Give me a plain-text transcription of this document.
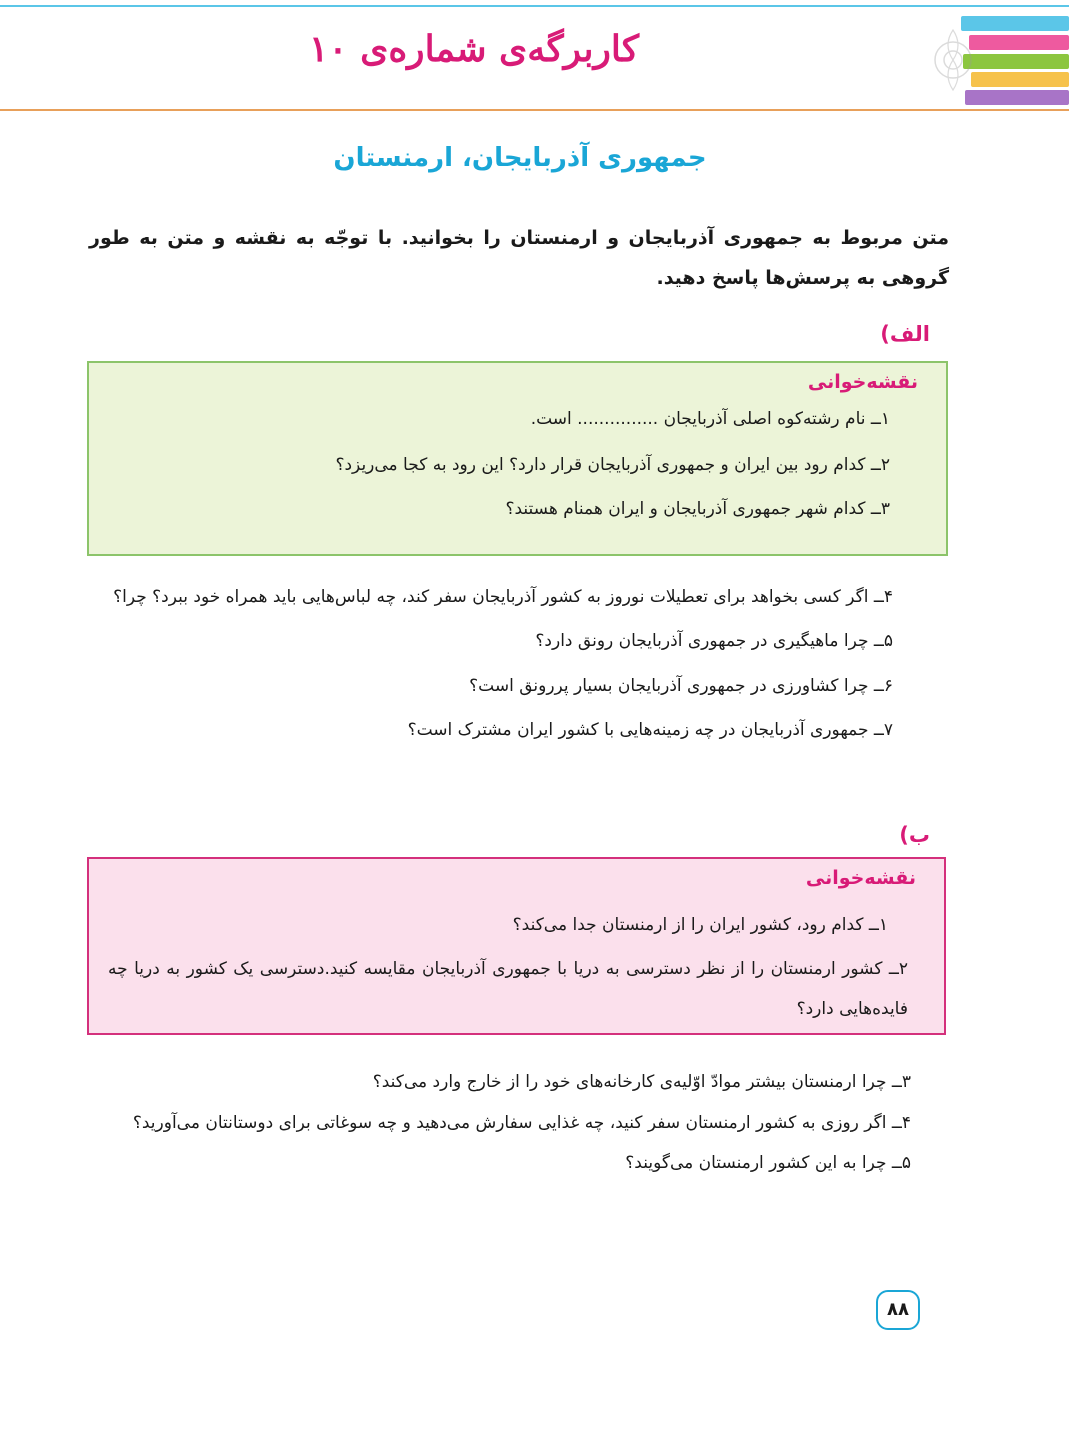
کاربرگه‌ی شماره‌ی ۱۰
جمهوری آذربایجان، ارمنستان
متن مربوط به جمهوری آذربایجان و ارمنستان را بخوانید. با توجّه به نقشه و متن به طور گروهی به پرسش‌ها پاسخ دهید.
الف)
نقشه‌خوانی
۱ــ نام رشته‌کوه اصلی آذربایجان ............... است.
۲ــ کدام رود بین ایران و جمهوری آذربایجان قرار دارد؟ این رود به کجا می‌ریزد؟
۳ــ کدام شهر جمهوری آذربایجان و ایران همنام هستند؟
۴ــ اگر کسی بخواهد برای تعطیلات نوروز به کشور آذربایجان سفر کند، چه لباس‌هایی باید همراه خود ببرد؟ چرا؟
۵ــ چرا ماهیگیری در جمهوری آذربایجان رونق دارد؟
۶ــ چرا کشاورزی در جمهوری آذربایجان بسیار پررونق است؟
۷ــ جمهوری آذربایجان در چه زمینه‌هایی با کشور ایران مشترک است؟
ب)
نقشه‌خوانی
۱ــ کدام رود، کشور ایران را از ارمنستان جدا می‌کند؟
۲ــ کشور ارمنستان را از نظر دسترسی به دریا با جمهوری آذربایجان مقایسه کنید.دسترسی یک کشور به دریا چه فایده‌هایی دارد؟
۳ــ چرا ارمنستان بیشتر موادّ اوّلیه‌ی کارخانه‌های خود را از خارج وارد می‌کند؟
۴ــ اگر روزی به کشور ارمنستان سفر کنید، چه غذایی سفارش می‌دهید و چه سوغاتی برای دوستانتان می‌آورید؟
۵ــ چرا به این کشور ارمنستان می‌گویند؟
۸۸
